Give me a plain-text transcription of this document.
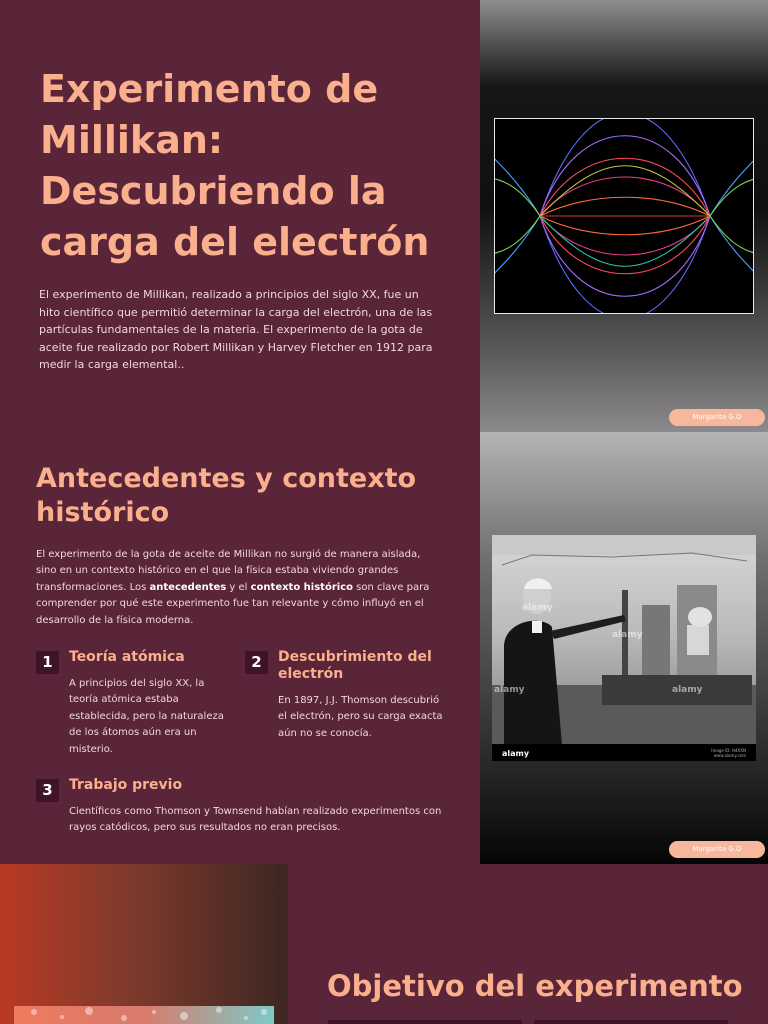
Experimento de Millikan: Descubriendo la carga del electrón

El experimento de Millikan, realizado a principios del siglo XX, fue un hito científico que permitió determinar la carga del electrón, una de las partículas fundamentales de la materia. El experimento de la gota de aceite fue realizado por Robert Millikan y Harvey Fletcher en 1912 para medir la carga elemental..

Margarita G.O
Antecedentes y contexto histórico

El experimento de la gota de aceite de Millikan no surgió de manera aislada, sino en un contexto histórico en el que la física estaba viviendo grandes transformaciones. Los antecedentes y el contexto histórico son clave para comprender por qué este experimento fue tan relevante y cómo influyó en el desarrollo de la física moderna.

1	Teoría atómica
A principios del siglo XX, la teoría atómica estaba establecida, pero la naturaleza de los átomos aún era un misterio.
2	Descubrimiento del electrón
En 1897, J.J. Thomson descubrió el electrón, pero su carga exacta aún no se conocía.
3	Trabajo previo
Científicos como Thomson y Townsend habían realizado experimentos con rayos catódicos, pero sus resultados no eran precisos.
alamy
alamy
alamy
alamy
alamy	Image ID: H4XXN
www.alamy.com
Margarita G.O
Objetivo del experimento
